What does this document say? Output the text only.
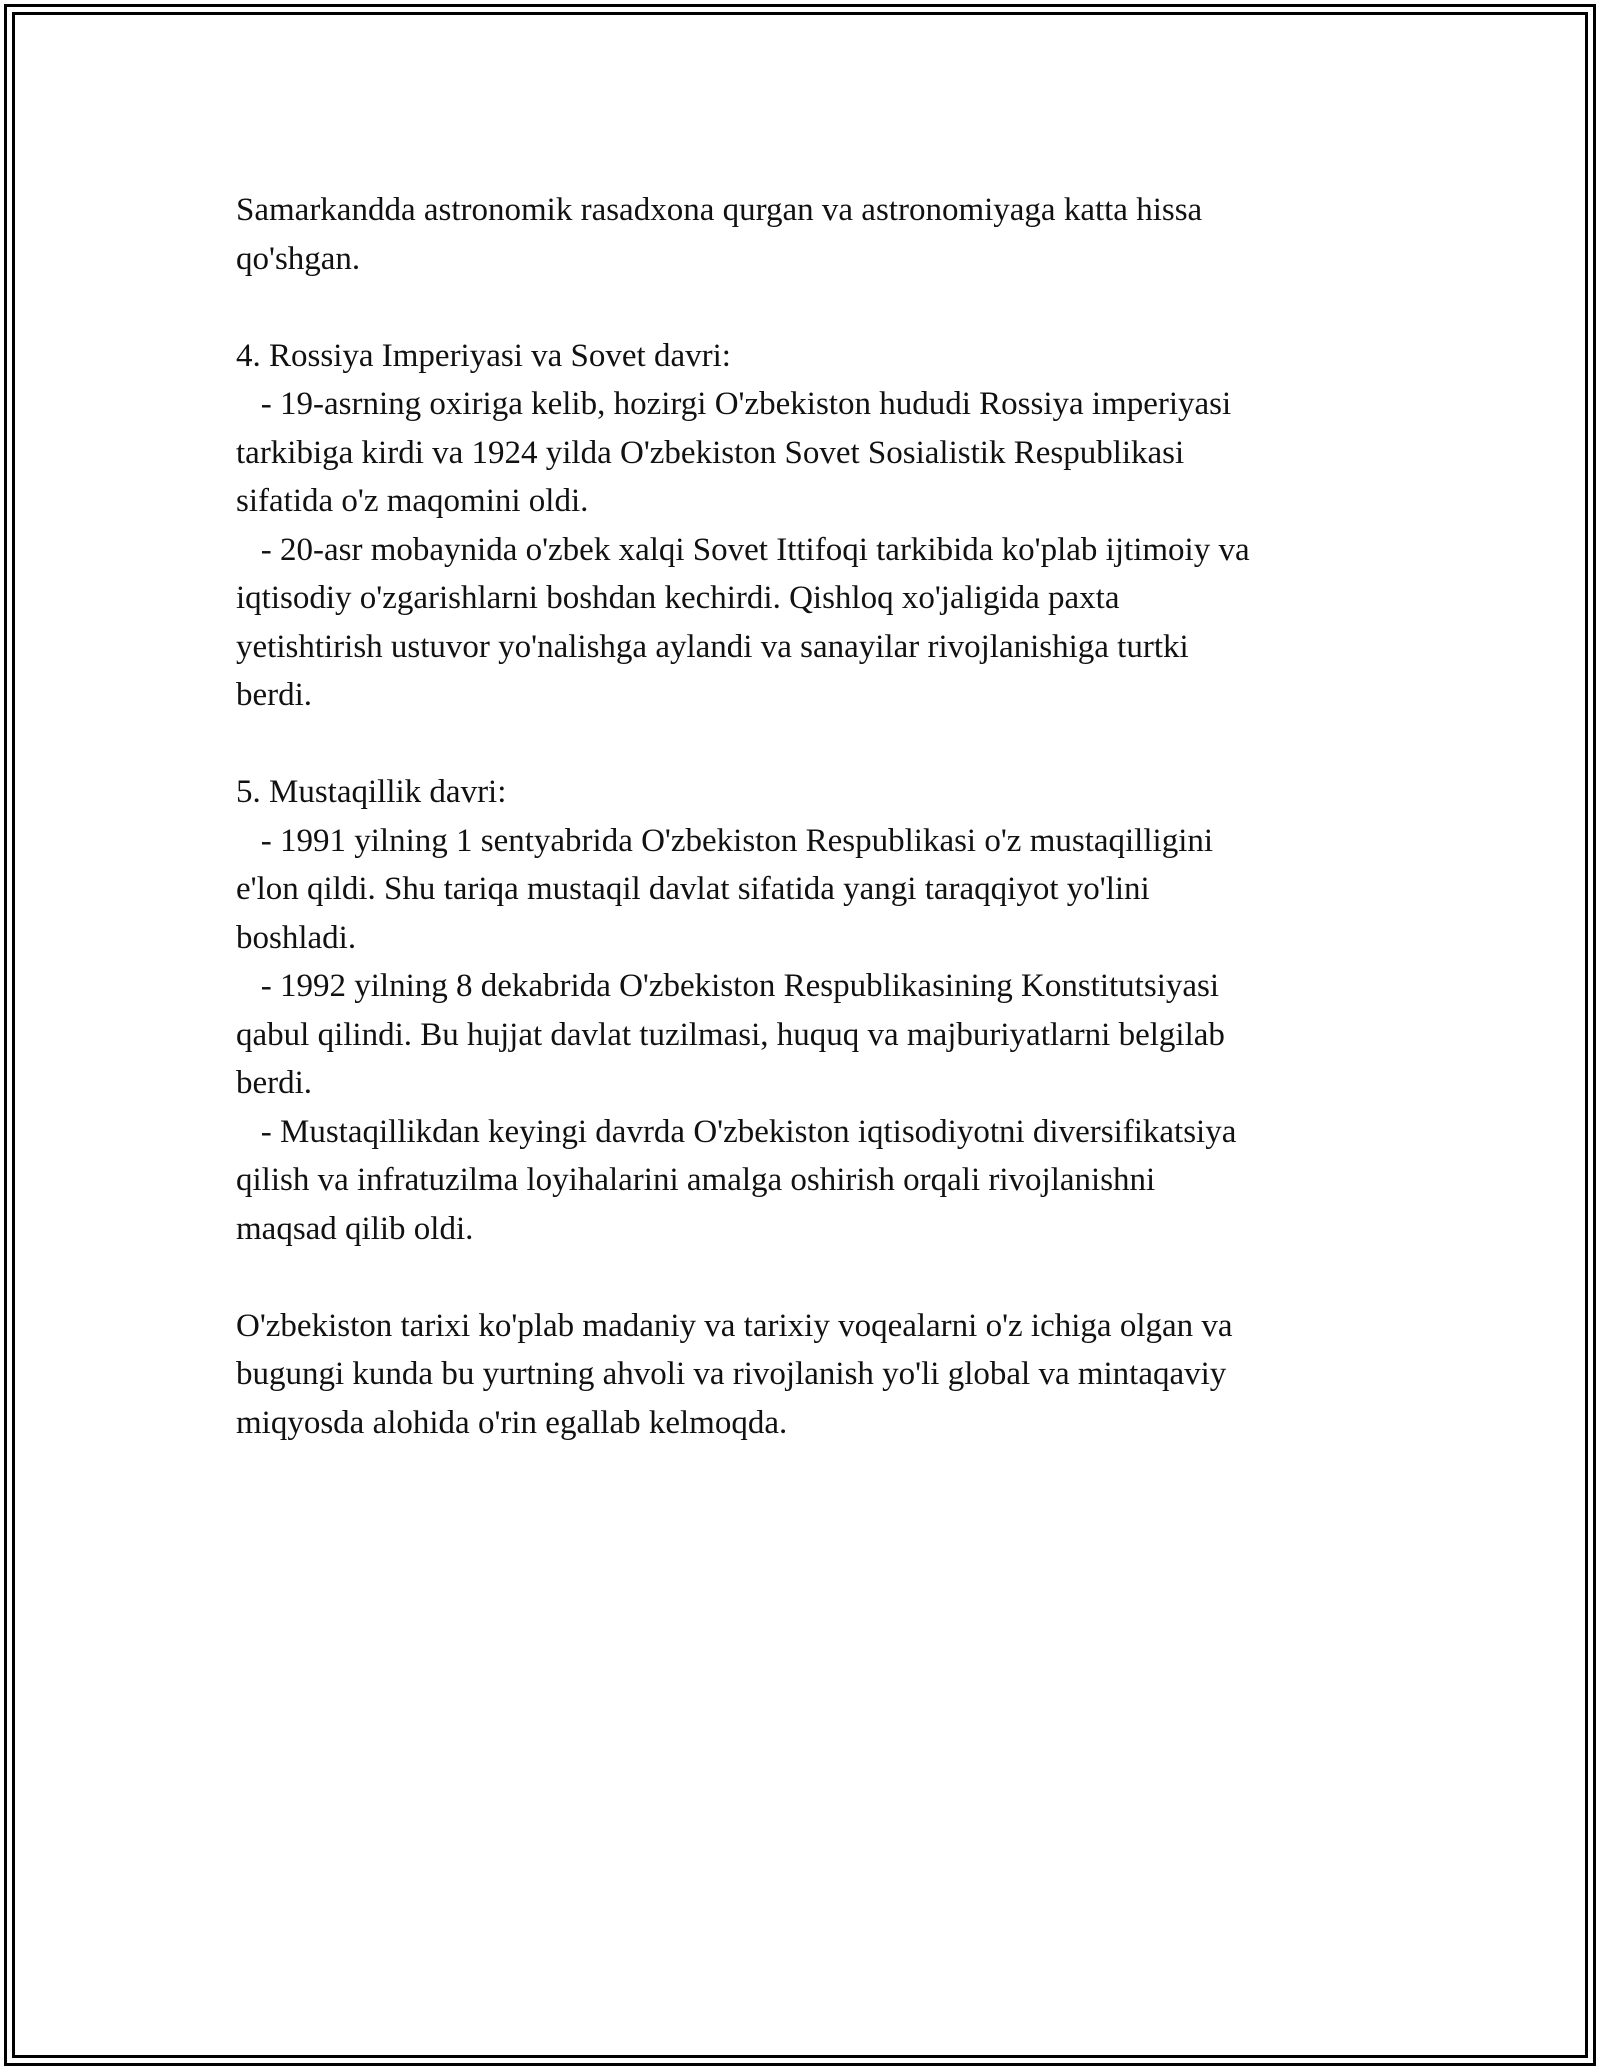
Samarkandda astronomik rasadxona qurgan va astronomiyaga katta hissa
qo'shgan.
4. Rossiya Imperiyasi va Sovet davri:
- 19-asrning oxiriga kelib, hozirgi O'zbekiston hududi Rossiya imperiyasi
tarkibiga kirdi va 1924 yilda O'zbekiston Sovet Sosialistik Respublikasi
sifatida o'z maqomini oldi.
- 20-asr mobaynida o'zbek xalqi Sovet Ittifoqi tarkibida ko'plab ijtimoiy va
iqtisodiy o'zgarishlarni boshdan kechirdi. Qishloq xo'jaligida paxta
yetishtirish ustuvor yo'nalishga aylandi va sanayilar rivojlanishiga turtki
berdi.
5. Mustaqillik davri:
- 1991 yilning 1 sentyabrida O'zbekiston Respublikasi o'z mustaqilligini
e'lon qildi. Shu tariqa mustaqil davlat sifatida yangi taraqqiyot yo'lini
boshladi.
- 1992 yilning 8 dekabrida O'zbekiston Respublikasining Konstitutsiyasi
qabul qilindi. Bu hujjat davlat tuzilmasi, huquq va majburiyatlarni belgilab
berdi.
- Mustaqillikdan keyingi davrda O'zbekiston iqtisodiyotni diversifikatsiya
qilish va infratuzilma loyihalarini amalga oshirish orqali rivojlanishni
maqsad qilib oldi.
O'zbekiston tarixi ko'plab madaniy va tarixiy voqealarni o'z ichiga olgan va
bugungi kunda bu yurtning ahvoli va rivojlanish yo'li global va mintaqaviy
miqyosda alohida o'rin egallab kelmoqda.
